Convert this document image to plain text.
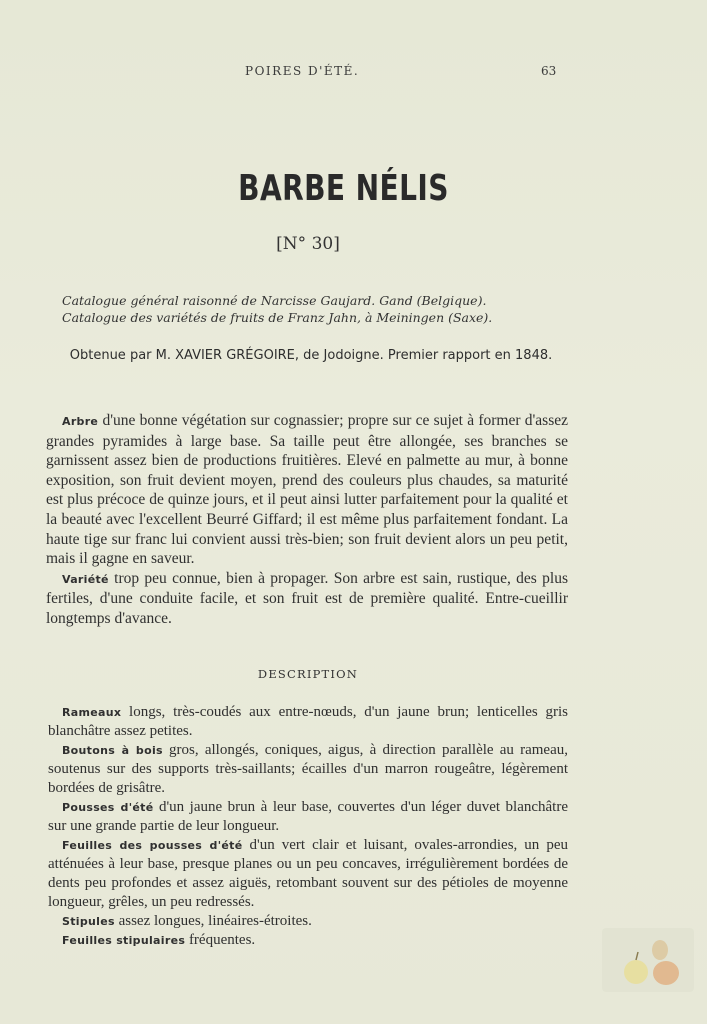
POIRES D'ÉTÉ.	63
BARBE NÉLIS
[N° 30]
Catalogue général raisonné de Narcisse Gaujard. Gand (Belgique).
Catalogue des variétés de fruits de Franz Jahn, à Meiningen (Saxe).
Obtenue par M. XAVIER GRÉGOIRE, de Jodoigne. Premier rapport en 1848.

Arbre d'une bonne végétation sur cognassier; propre sur ce sujet à former d'assez grandes pyramides à large base. Sa taille peut être allongée, ses branches se garnissent assez bien de productions fruitières. Elevé en palmette au mur, à bonne exposition, son fruit devient moyen, prend des couleurs plus chaudes, sa maturité est plus précoce de quinze jours, et il peut ainsi lutter parfaitement pour la qualité et la beauté avec l'excellent Beurré Giffard; il est même plus parfaitement fondant. La haute tige sur franc lui convient aussi très-bien; son fruit devient alors un peu petit, mais il gagne en saveur.

Variété trop peu connue, bien à propager. Son arbre est sain, rustique, des plus fertiles, d'une conduite facile, et son fruit est de première qualité. Entre-cueillir longtemps d'avance.

DESCRIPTION

Rameaux longs, très-coudés aux entre-nœuds, d'un jaune brun; lenticelles gris blanchâtre assez petites.

Boutons à bois gros, allongés, coniques, aigus, à direction parallèle au rameau, soutenus sur des supports très-saillants; écailles d'un marron rougeâtre, légèrement bordées de grisâtre.

Pousses d'été d'un jaune brun à leur base, couvertes d'un léger duvet blanchâtre sur une grande partie de leur longueur.

Feuilles des pousses d'été d'un vert clair et luisant, ovales-arrondies, un peu atténuées à leur base, presque planes ou un peu concaves, irrégulièrement bordées de dents peu profondes et assez aiguës, retombant souvent sur des pétioles de moyenne longueur, grêles, un peu redressés.

Stipules assez longues, linéaires-étroites.

Feuilles stipulaires fréquentes.
